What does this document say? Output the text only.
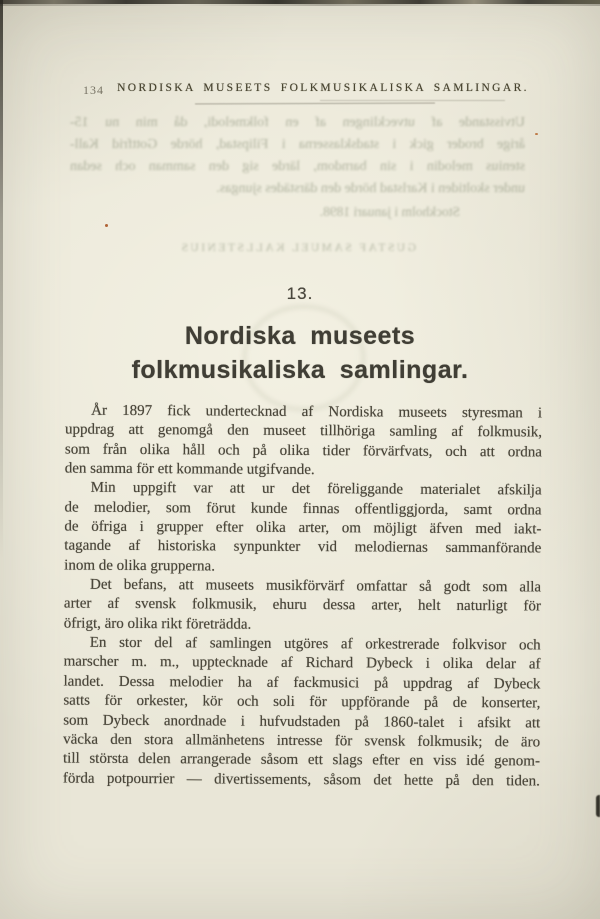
134	NORDISKA MUSEETS FOLKMUSIKALISKA SAMLINGAR.
Utvisstande af utvecklingen af en folkmelodi, då min nu 15-
årige broder gick i stadsklasserna i Filipstad, hörde Gottfrid Kall-
stenius melodin i sin barndom, lärde sig den samman och sedan
under skoltiden i Karlstad hörde den därstädes sjungas.
Stockholm i januari 1898.
GUSTAF SAMUEL KALLSTENIUS
13.
Nordiska museets
folkmusikaliska samlingar.
År 1897 fick undertecknad af Nordiska museets styresman i
uppdrag att genomgå den museet tillhöriga samling af folkmusik,
som från olika håll och på olika tider förvärfvats, och att ordna
den samma för ett kommande utgifvande.
Min uppgift var att ur det föreliggande materialet afskilja
de melodier, som förut kunde finnas offentliggjorda, samt ordna
de öfriga i grupper efter olika arter, om möjligt äfven med iakt-
tagande af historiska synpunkter vid melodiernas sammanförande
inom de olika grupperna.
Det befans, att museets musikförvärf omfattar så godt som alla
arter af svensk folkmusik, ehuru dessa arter, helt naturligt för
öfrigt, äro olika rikt företrädda.
En stor del af samlingen utgöres af orkestrerade folkvisor och
marscher m. m., upptecknade af Richard Dybeck i olika delar af
landet. Dessa melodier ha af fackmusici på uppdrag af Dybeck
satts för orkester, kör och soli för uppförande på de konserter,
som Dybeck anordnade i hufvudstaden på 1860-talet i afsikt att
väcka den stora allmänhetens intresse för svensk folkmusik; de äro
till största delen arrangerade såsom ett slags efter en viss idé genom-
förda potpourrier — divertissements, såsom det hette på den tiden.
